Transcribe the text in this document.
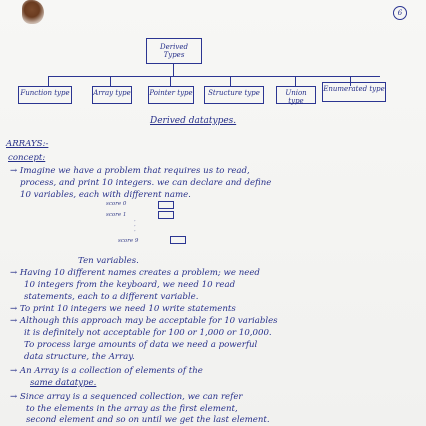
6
Derived Types
Function type	Array type	Pointer type	Structure type	Union type
Enumerated type
Derived datatypes.
ARRAYS:-
concept:
→ Imagine we have a problem that requires us to read,
process, and print 10 integers. we can declare and define
10 variables, each with different name.
score 0
score 1
·
·
·
score 9
Ten variables.
→ Having 10 different names creates a problem; we need
10 integers from the keyboard, we need 10 read
statements, each to a different variable.
→ To print 10 integers we need 10 write statements
→ Although this approach may be acceptable for 10 variables
it is definitely not acceptable for 100 or 1,000 or 10,000.
To process large amounts of data we need a powerful
data structure, the Array.
→ An Array is a collection of elements of the
same datatype.
→ Since array is a sequenced collection, we can refer
to the elements in the array as the first element,
second element and so on until we get the last element.
